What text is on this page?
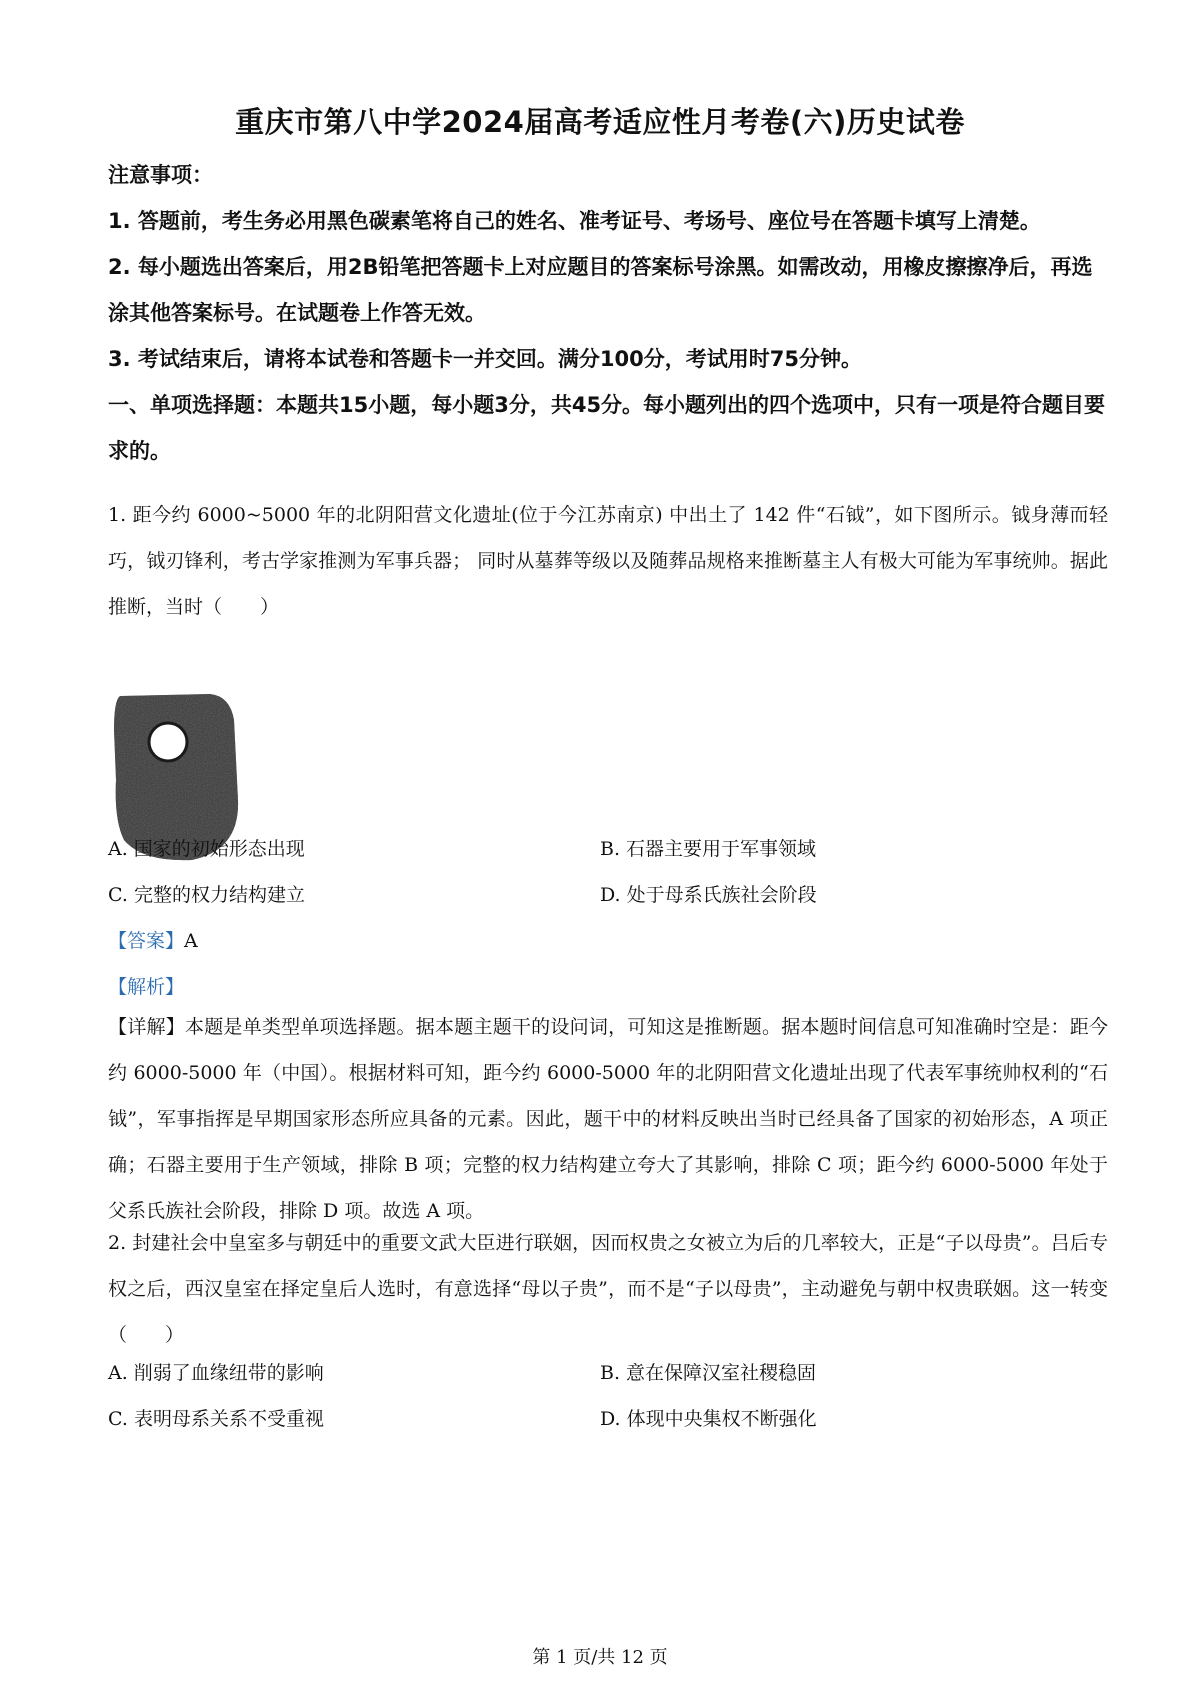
重庆市第八中学2024届高考适应性月考卷(六)历史试卷

注意事项：

1. 答题前，考生务必用黑色碳素笔将自己的姓名、准考证号、考场号、座位号在答题卡填写上清楚。

2. 每小题选出答案后，用2B铅笔把答题卡上对应题目的答案标号涂黑。如需改动，用橡皮擦擦净后，再选涂其他答案标号。在试题卷上作答无效。

3. 考试结束后，请将本试卷和答题卡一并交回。满分100分，考试用时75分钟。

一、单项选择题：本题共15小题，每小题3分，共45分。每小题列出的四个选项中，只有一项是符合题目要求的。

1. 距今约 6000~5000 年的北阴阳营文化遗址(位于今江苏南京) 中出土了 142 件“石钺”，如下图所示。钺身薄而轻巧，钺刃锋利，考古学家推测为军事兵器； 同时从墓葬等级以及随葬品规格来推断墓主人有极大可能为军事统帅。据此推断，当时（　　）

A. 国家的初始形态出现	B. 石器主要用于军事领域
C. 完整的权力结构建立	D. 处于母系氏族社会阶段
【答案】A
【解析】

【详解】本题是单类型单项选择题。据本题主题干的设问词，可知这是推断题。据本题时间信息可知准确时空是：距今约 6000-5000 年（中国）。根据材料可知，距今约 6000-5000 年的北阴阳营文化遗址出现了代表军事统帅权利的“石钺”，军事指挥是早期国家形态所应具备的元素。因此，题干中的材料反映出当时已经具备了国家的初始形态，A 项正确；石器主要用于生产领域，排除 B 项；完整的权力结构建立夸大了其影响，排除 C 项；距今约 6000-5000 年处于父系氏族社会阶段，排除 D 项。故选 A 项。

2. 封建社会中皇室多与朝廷中的重要文武大臣进行联姻，因而权贵之女被立为后的几率较大，正是“子以母贵”。吕后专权之后，西汉皇室在择定皇后人选时，有意选择“母以子贵”，而不是“子以母贵”，主动避免与朝中权贵联姻。这一转变（　　）

A. 削弱了血缘纽带的影响	B. 意在保障汉室社稷稳固
C. 表明母系关系不受重视	D. 体现中央集权不断强化
第 1 页/共 12 页
